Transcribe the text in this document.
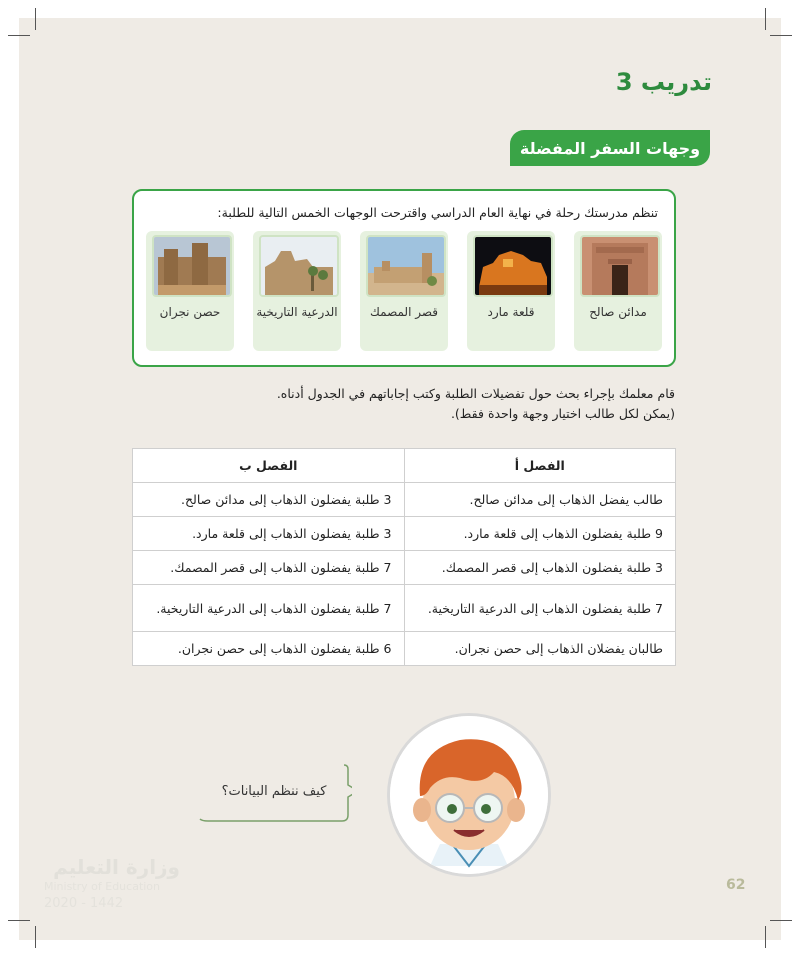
تدريب 3
وجهات السفر المفضلة
تنظم مدرستك رحلة في نهاية العام الدراسي واقترحت الوجهات الخمس التالية للطلبة:
مدائن صالح
قلعة مارد
قصر المصمك
الدرعية التاريخية
حصن نجران
قام معلمك بإجراء بحث حول تفضيلات الطلبة وكتب إجاباتهم في الجدول أدناه.
(يمكن لكل طالب اختيار وجهة واحدة فقط).
الفصل أ	الفصل ب
طالب يفضل الذهاب إلى مدائن صالح.	3 طلبة يفضلون الذهاب إلى مدائن صالح.
9 طلبة يفضلون الذهاب إلى قلعة مارد.	3 طلبة يفضلون الذهاب إلى قلعة مارد.
3 طلبة يفضلون الذهاب إلى قصر المصمك.	7 طلبة يفضلون الذهاب إلى قصر المصمك.
7 طلبة يفضلون الذهاب إلى الدرعية التاريخية.	7 طلبة يفضلون الذهاب إلى الدرعية التاريخية.
طالبان يفضلان الذهاب إلى حصن نجران.	6 طلبة يفضلون الذهاب إلى حصن نجران.
كيف ننظم البيانات؟
وزارة التعليم
Ministry of Education
2020 - 1442
62
